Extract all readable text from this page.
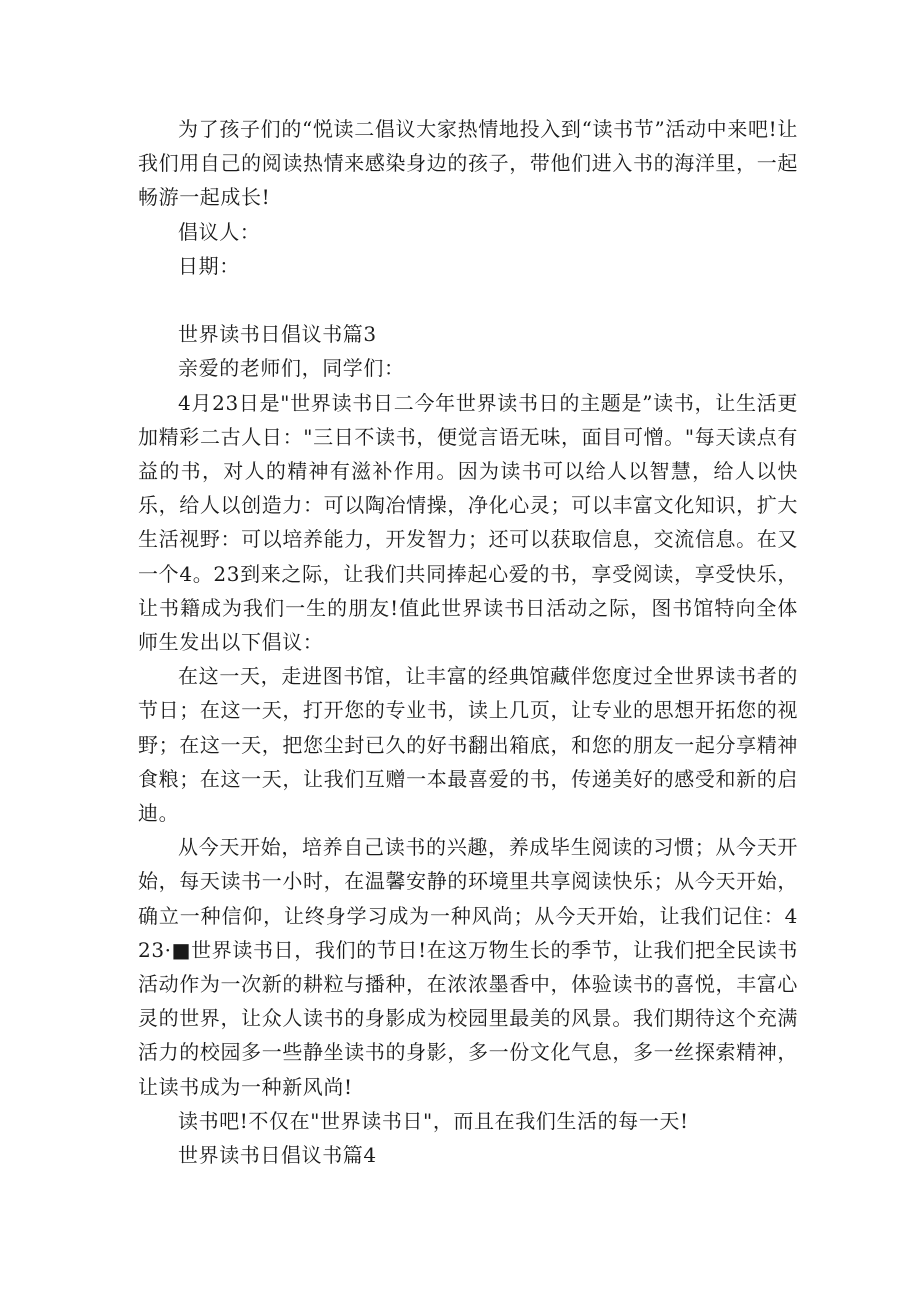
为了孩子们的“悦读二倡议大家热情地投入到“读书节”活动中来吧!让我们用自己的阅读热情来感染身边的孩子，带他们进入书的海洋里，一起畅游一起成长!

倡议人：

日期：

世界读书日倡议书篇3

亲爱的老师们，同学们：

4月23日是"世界读书日二今年世界读书日的主题是”读书，让生活更加精彩二古人日："三日不读书，便觉言语无味，面目可憎。"每天读点有益的书，对人的精神有滋补作用。因为读书可以给人以智慧，给人以快乐，给人以创造力：可以陶冶情操，净化心灵；可以丰富文化知识，扩大生活视野：可以培养能力，开发智力；还可以获取信息，交流信息。在又一个4。23到来之际，让我们共同捧起心爱的书，享受阅读，享受快乐，让书籍成为我们一生的朋友!值此世界读书日活动之际，图书馆特向全体师生发出以下倡议：

在这一天，走进图书馆，让丰富的经典馆藏伴您度过全世界读书者的节日；在这一天，打开您的专业书，读上几页，让专业的思想开拓您的视野；在这一天，把您尘封已久的好书翻出箱底，和您的朋友一起分享精神食粮；在这一天，让我们互赠一本最喜爱的书，传递美好的感受和新的启迪。

从今天开始，培养自己读书的兴趣，养成毕生阅读的习惯；从今天开始，每天读书一小时，在温馨安静的环境里共享阅读快乐；从今天开始，确立一种信仰，让终身学习成为一种风尚；从今天开始，让我们记住：423·■世界读书日，我们的节日!在这万物生长的季节，让我们把全民读书活动作为一次新的耕粒与播种，在浓浓墨香中，体验读书的喜悦，丰富心灵的世界，让众人读书的身影成为校园里最美的风景。我们期待这个充满活力的校园多一些静坐读书的身影，多一份文化气息，多一丝探索精神，让读书成为一种新风尚!

读书吧!不仅在"世界读书日"，而且在我们生活的每一天!

世界读书日倡议书篇4
